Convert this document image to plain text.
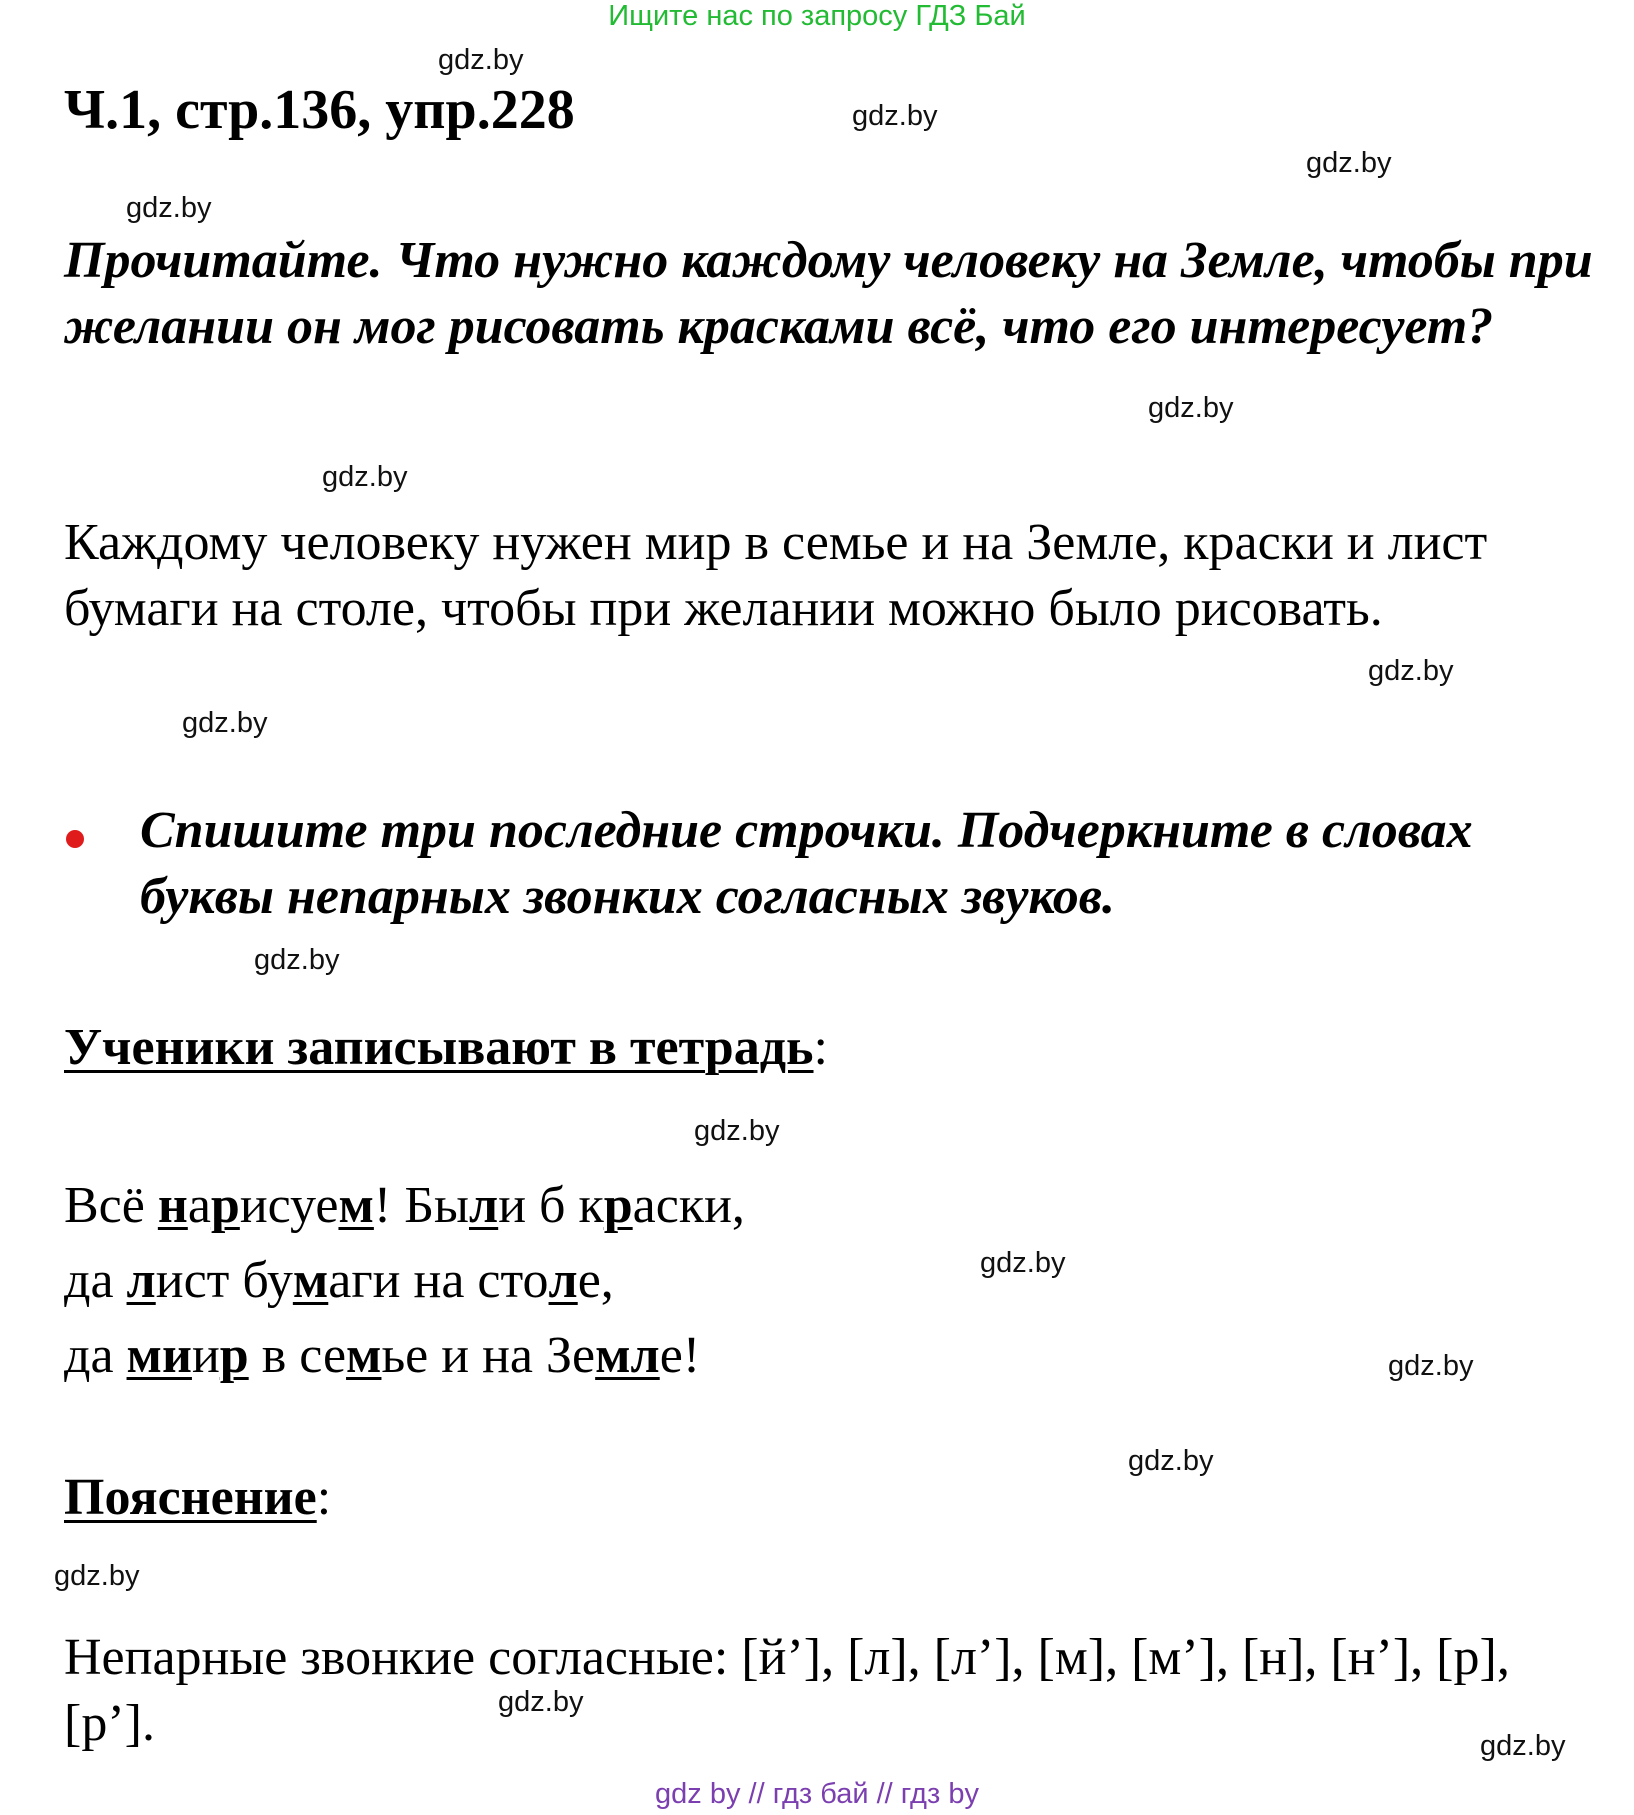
Ищите нас по запросу ГДЗ Бай
Ч.1, стр.136, упр.228
Прочитайте. Что нужно каждому человеку на Земле, чтобы при желании он мог рисовать красками всё, что его интересует?
Каждому человеку нужен мир в семье и на Земле, краски и лист бумаги на столе, чтобы при желании можно было рисовать.
Спишите три последние строчки. Подчеркните в словах буквы непарных звонких согласных звуков.
Ученики записывают в тетрадь:
Всё нарисуем! Были б краски,
да лист бумаги на столе,
да миир в семье и на Земле!
Пояснение:
Непарные звонкие согласные: [й’], [л], [л’], [м], [м’], [н], [н’], [р], [р’].
gdz.by
gdz.by
gdz.by
gdz.by
gdz.by
gdz.by
gdz.by
gdz.by
gdz.by
gdz.by
gdz.by
gdz.by
gdz.by
gdz.by
gdz.by
gdz.by
gdz by // гдз бай // гдз by
